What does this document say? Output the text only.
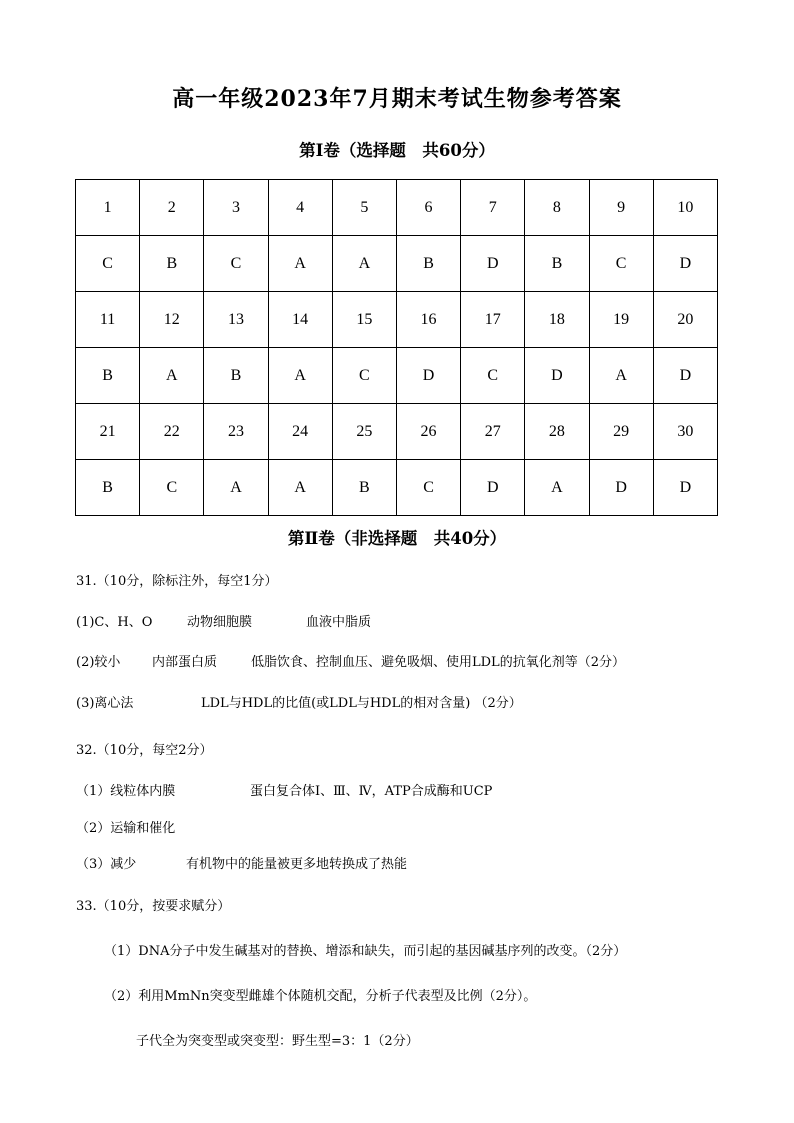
高一年级2023年7月期末考试生物参考答案
第Ⅰ卷（选择题　共60分）
1	2	3	4	5	6	7	8	9	10
C	B	C	A	A	B	D	B	C	D
11	12	13	14	15	16	17	18	19	20
B	A	B	A	C	D	C	D	A	D
21	22	23	24	25	26	27	28	29	30
B	C	A	A	B	C	D	A	D	D
第Ⅱ卷（非选择题　共40分）
31.（10分，除标注外，每空1分）
(1)C、H、O	动物细胞膜	血液中脂质
(2)较小 内部蛋白质	低脂饮食、控制血压、避免吸烟、使用LDL的抗氧化剂等（2分）
(3)离心法	LDL与HDL的比值(或LDL与HDL的相对含量) （2分）
32.（10分，每空2分）
（1）线粒体内膜	蛋白复合体Ⅰ、Ⅲ、Ⅳ，ATP合成酶和UCP
（2）运输和催化
（3）减少	有机物中的能量被更多地转换成了热能
33.（10分，按要求赋分）
（1）DNA分子中发生碱基对的替换、增添和缺失，而引起的基因碱基序列的改变。（2分）
（2）利用MmNn突变型雌雄个体随机交配，分析子代表型及比例（2分）。
子代全为突变型或突变型：野生型=3：1（2分）
